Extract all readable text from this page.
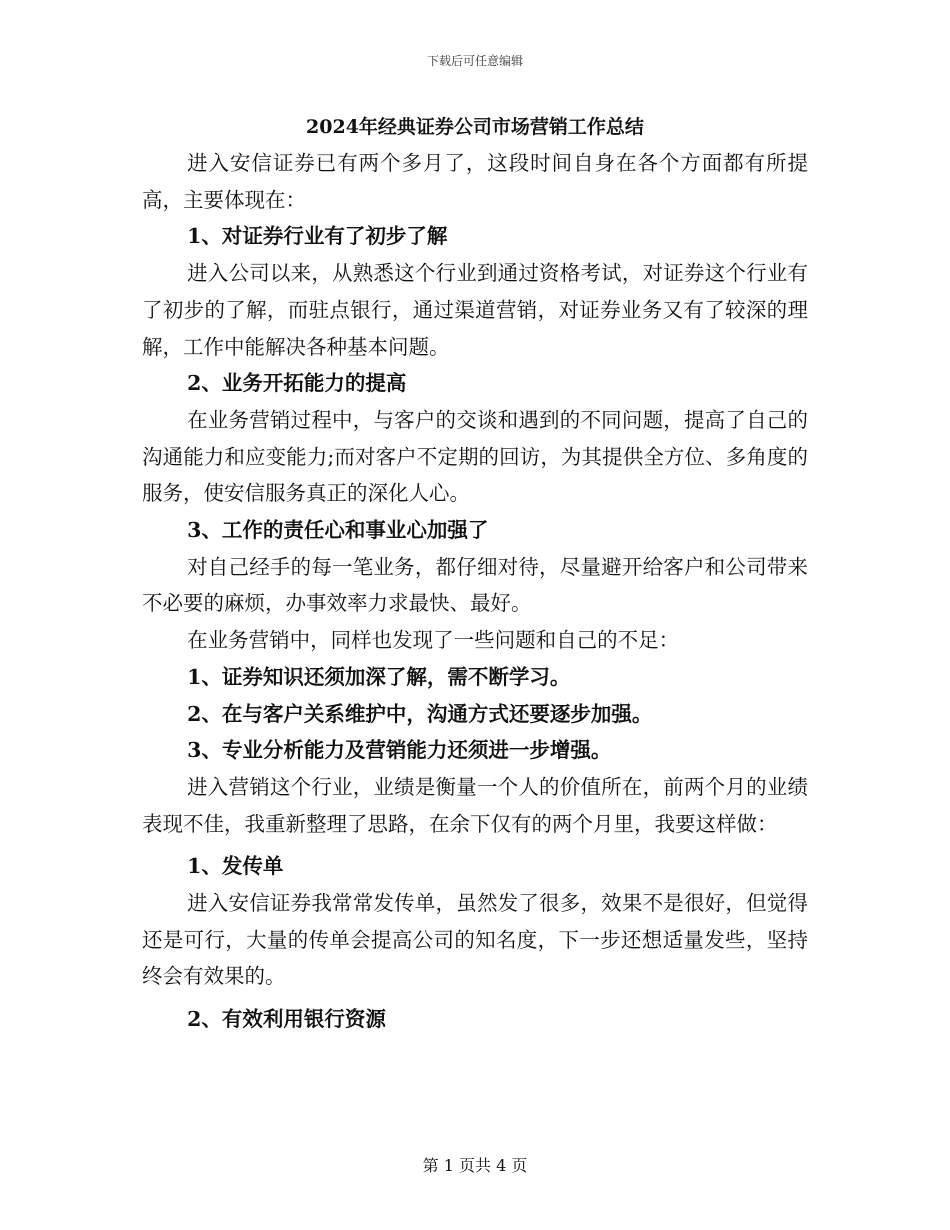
下载后可任意编辑
2024年经典证券公司市场营销工作总结

进入安信证券已有两个多月了，这段时间自身在各个方面都有所提高，主要体现在：

1、对证券行业有了初步了解

进入公司以来，从熟悉这个行业到通过资格考试，对证券这个行业有了初步的了解，而驻点银行，通过渠道营销，对证券业务又有了较深的理解，工作中能解决各种基本问题。

2、业务开拓能力的提高

在业务营销过程中，与客户的交谈和遇到的不同问题，提高了自己的沟通能力和应变能力;而对客户不定期的回访，为其提供全方位、多角度的服务，使安信服务真正的深化人心。

3、工作的责任心和事业心加强了

对自己经手的每一笔业务，都仔细对待，尽量避开给客户和公司带来不必要的麻烦，办事效率力求最快、最好。

在业务营销中，同样也发现了一些问题和自己的不足：

1、证券知识还须加深了解，需不断学习。

2、在与客户关系维护中，沟通方式还要逐步加强。

3、专业分析能力及营销能力还须进一步增强。

进入营销这个行业，业绩是衡量一个人的价值所在，前两个月的业绩表现不佳，我重新整理了思路，在余下仅有的两个月里，我要这样做：

1、发传单

进入安信证券我常常发传单，虽然发了很多，效果不是很好，但觉得还是可行，大量的传单会提高公司的知名度，下一步还想适量发些，坚持终会有效果的。

2、有效利用银行资源

第 1 页共 4 页
